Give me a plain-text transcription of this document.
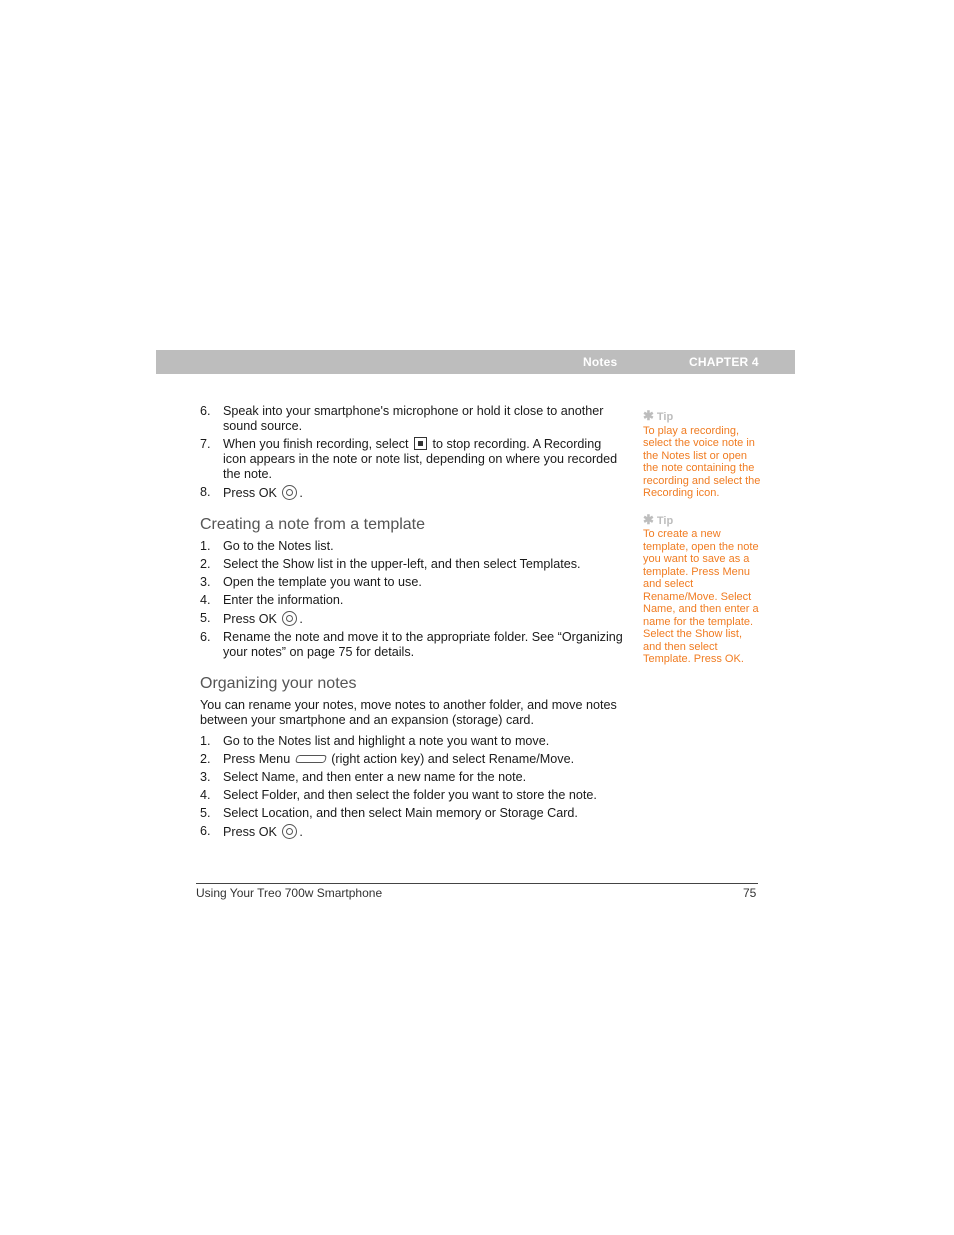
Notes	CHAPTER 4
6. Speak into your smartphone's microphone or hold it close to another sound source.
7. When you finish recording, select to stop recording. A Recording icon appears in the note or note list, depending on where you recorded the note.
8. Press OK .
Creating a note from a template
1. Go to the Notes list.
2. Select the Show list in the upper-left, and then select Templates.
3. Open the template you want to use.
4. Enter the information.
5. Press OK .
6. Rename the note and move it to the appropriate folder. See “Organizing your notes” on page 75 for details.
Organizing your notes
You can rename your notes, move notes to another folder, and move notes between your smartphone and an expansion (storage) card.
1. Go to the Notes list and highlight a note you want to move.
2. Press Menu	(right action key) and select Rename/Move.
3. Select Name, and then enter a new name for the note.
4. Select Folder, and then select the folder you want to store the note.
5. Select Location, and then select Main memory or Storage Card.
6. Press OK .
✱ Tip
To play a recording, select the voice note in the Notes list or open the note containing the recording and select the Recording icon.
✱ Tip
To create a new template, open the note you want to save as a template. Press Menu and select Rename/Move. Select Name, and then enter a name for the template. Select the Show list, and then select Template. Press OK.
Using Your Treo 700w Smartphone	75
